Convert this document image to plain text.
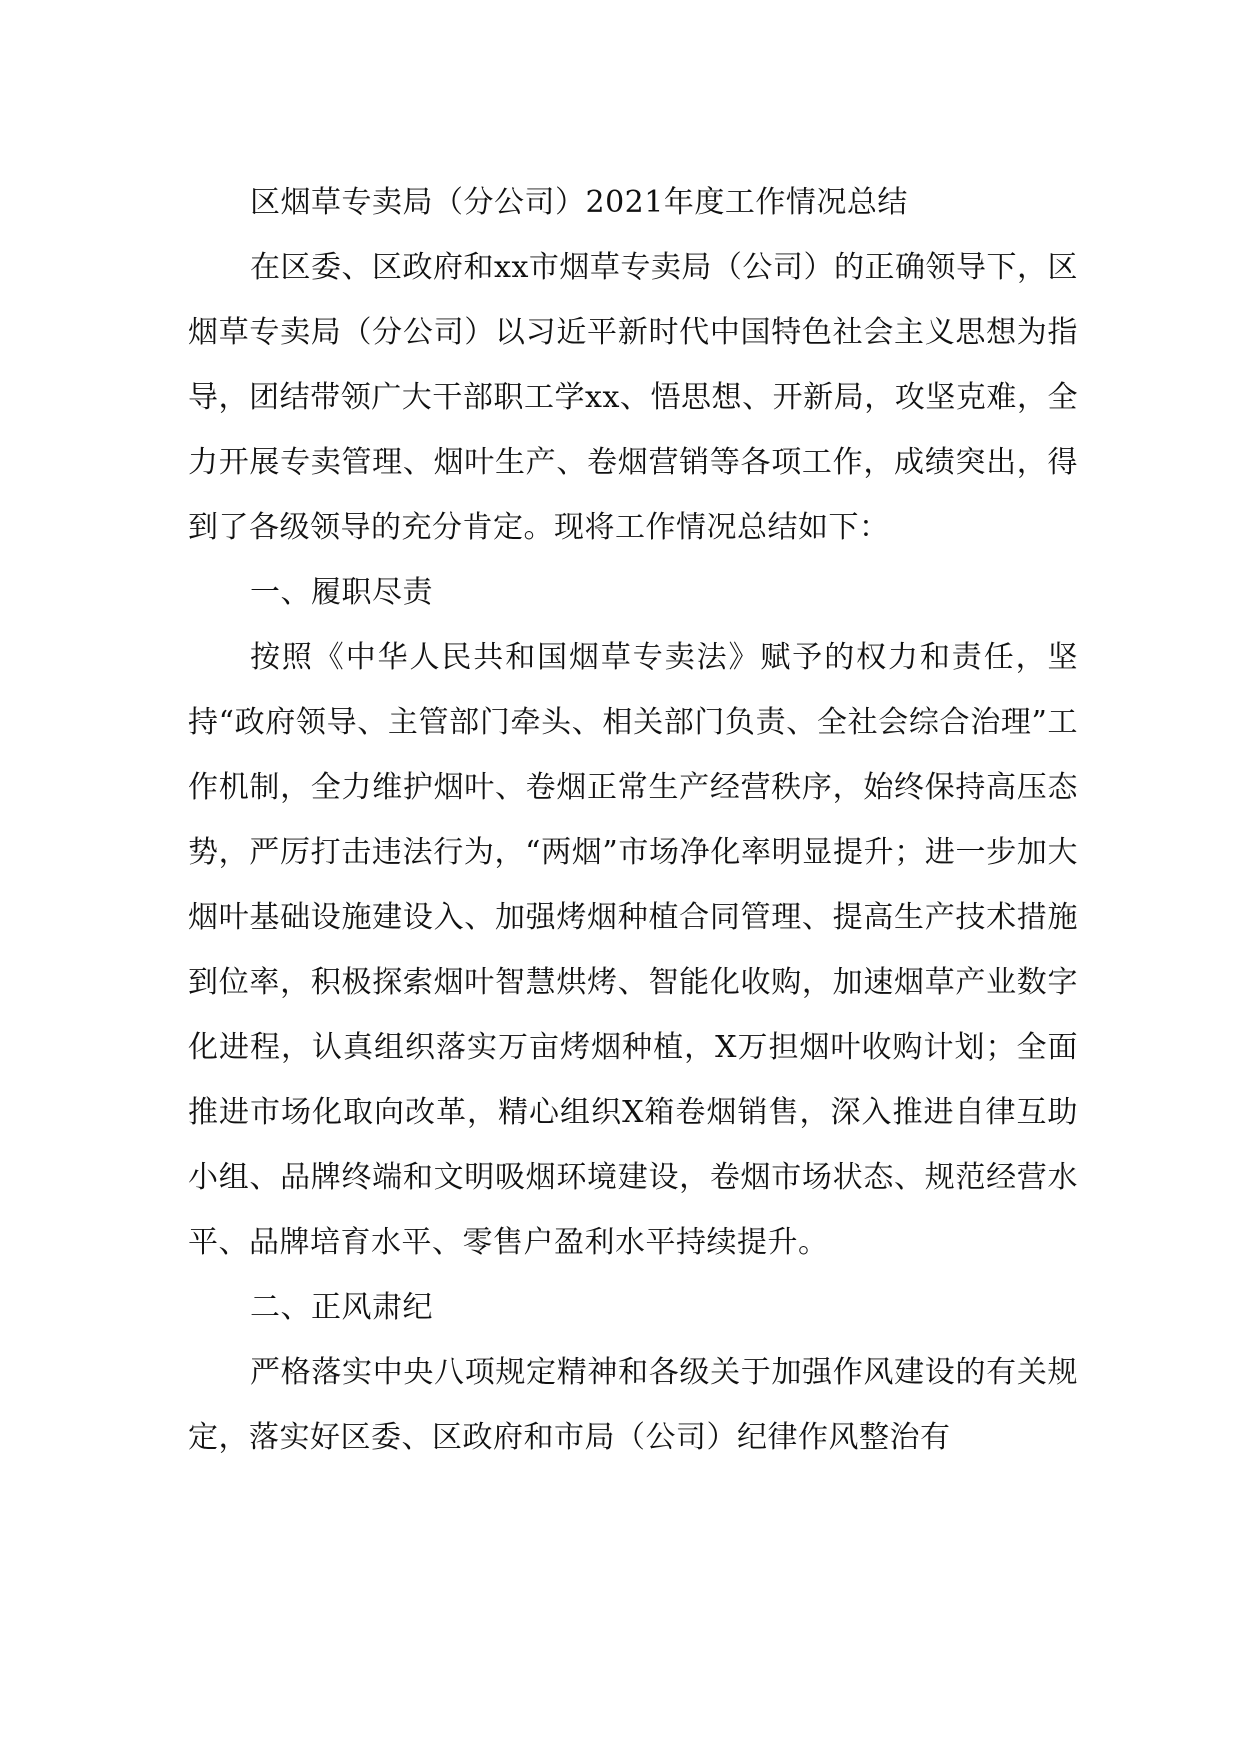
区烟草专卖局（分公司）2021年度工作情况总结

在区委、区政府和xx市烟草专卖局（公司）的正确领导下，区烟草专卖局（分公司）以习近平新时代中国特色社会主义思想为指导，团结带领广大干部职工学xx、悟思想、开新局，攻坚克难，全力开展专卖管理、烟叶生产、卷烟营销等各项工作，成绩突出，得到了各级领导的充分肯定。现将工作情况总结如下：

一、履职尽责

按照《中华人民共和国烟草专卖法》赋予的权力和责任，坚持“政府领导、主管部门牵头、相关部门负责、全社会综合治理”工作机制，全力维护烟叶、卷烟正常生产经营秩序，始终保持高压态势，严厉打击违法行为，“两烟”市场净化率明显提升；进一步加大烟叶基础设施建设入、加强烤烟种植合同管理、提高生产技术措施到位率，积极探索烟叶智慧烘烤、智能化收购，加速烟草产业数字化进程，认真组织落实万亩烤烟种植，X万担烟叶收购计划；全面推进市场化取向改革，精心组织X箱卷烟销售，深入推进自律互助小组、品牌终端和文明吸烟环境建设，卷烟市场状态、规范经营水平、品牌培育水平、零售户盈利水平持续提升。

二、正风肃纪

严格落实中央八项规定精神和各级关于加强作风建设的有关规定，落实好区委、区政府和市局（公司）纪律作风整治有
